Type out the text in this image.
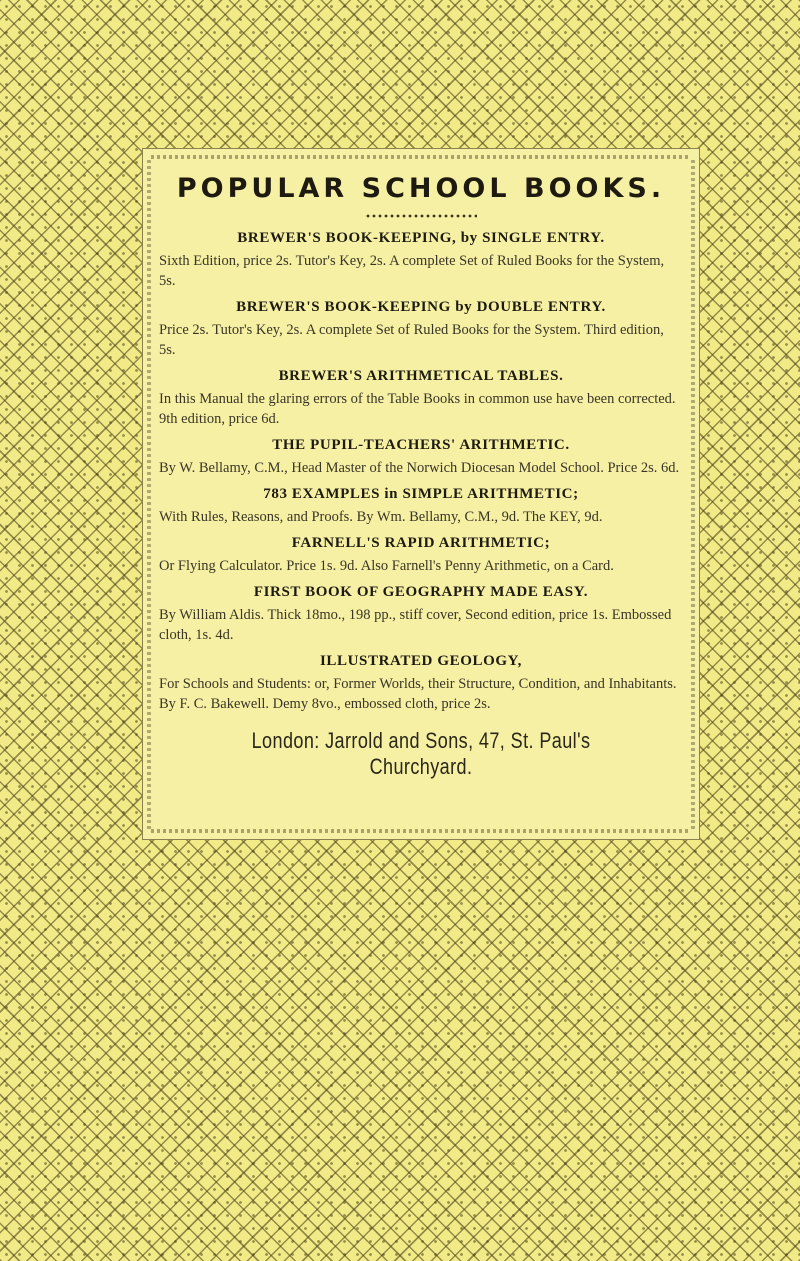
POPULAR SCHOOL BOOKS.
BREWER'S BOOK-KEEPING, by SINGLE ENTRY.
Sixth Edition, price 2s. Tutor's Key, 2s. A complete Set of Ruled Books for the System, 5s.
BREWER'S BOOK-KEEPING by DOUBLE ENTRY.
Price 2s. Tutor's Key, 2s. A complete Set of Ruled Books for the System. Third edition, 5s.
BREWER'S ARITHMETICAL TABLES.
In this Manual the glaring errors of the Table Books in common use have been corrected. 9th edition, price 6d.
THE PUPIL-TEACHERS' ARITHMETIC.
By W. Bellamy, C.M., Head Master of the Norwich Diocesan Model School. Price 2s. 6d.
783 EXAMPLES in SIMPLE ARITHMETIC;
With Rules, Reasons, and Proofs. By Wm. Bellamy, C.M., 9d. The KEY, 9d.
FARNELL'S RAPID ARITHMETIC;
Or Flying Calculator. Price 1s. 9d. Also Farnell's Penny Arithmetic, on a Card.
FIRST BOOK OF GEOGRAPHY MADE EASY.
By William Aldis. Thick 18mo., 198 pp., stiff cover, Second edition, price 1s. Embossed cloth, 1s. 4d.
ILLUSTRATED GEOLOGY,
For Schools and Students: or, Former Worlds, their Structure, Condition, and Inhabitants. By F. C. Bakewell. Demy 8vo., embossed cloth, price 2s.
London: Jarrold and Sons, 47, St. Paul's Churchyard.
